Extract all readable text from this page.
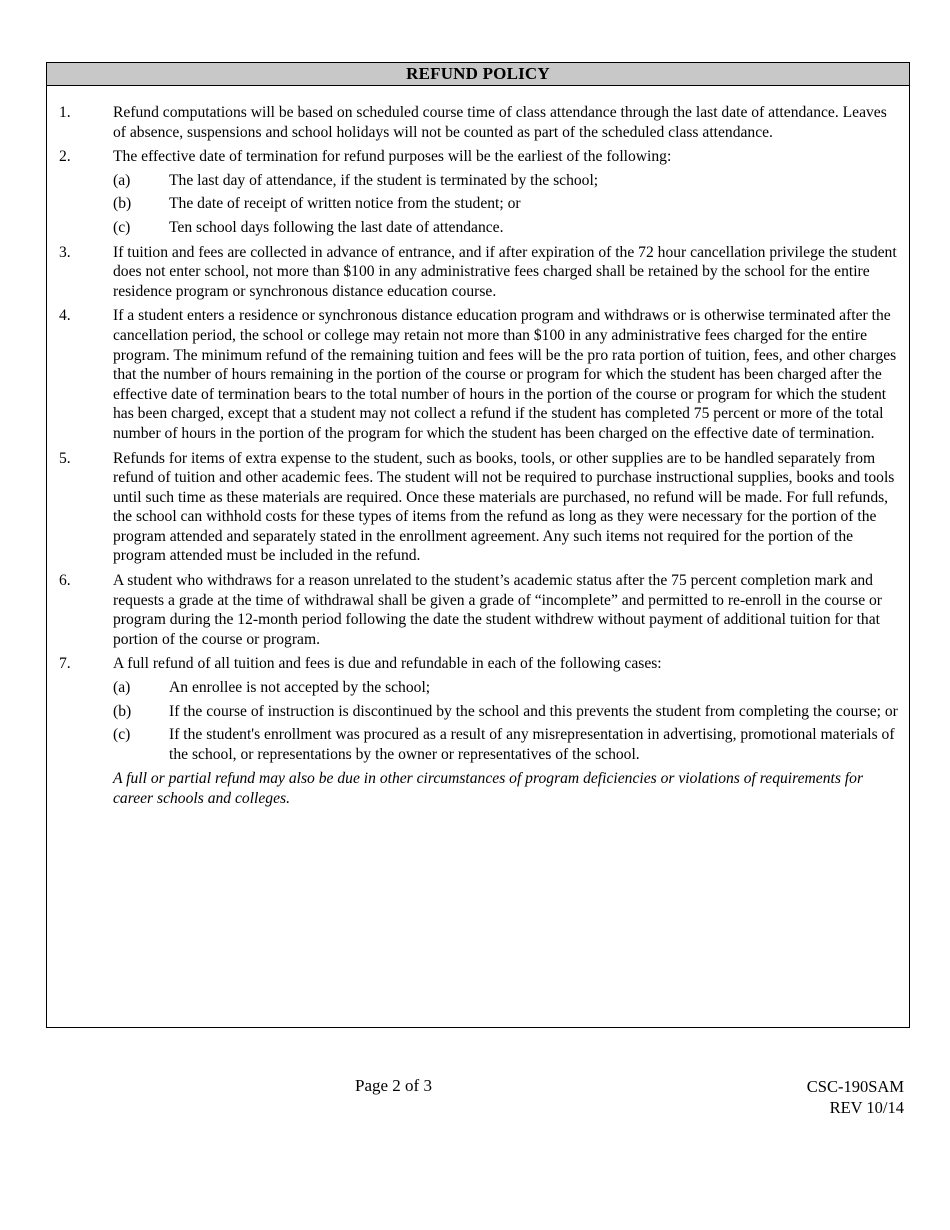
REFUND POLICY
1.	Refund computations will be based on scheduled course time of class attendance through the last date of attendance. Leaves of absence, suspensions and school holidays will not be counted as part of the scheduled class attendance.
2.	The effective date of termination for refund purposes will be the earliest of the following:
(a) The last day of attendance, if the student is terminated by the school;
(b) The date of receipt of written notice from the student; or
(c) Ten school days following the last date of attendance.
3.	If tuition and fees are collected in advance of entrance, and if after expiration of the 72 hour cancellation privilege the student does not enter school, not more than $100 in any administrative fees charged shall be retained by the school for the entire residence program or synchronous distance education course.
4.	If a student enters a residence or synchronous distance education program and withdraws or is otherwise terminated after the cancellation period, the school or college may retain not more than $100 in any administrative fees charged for the entire program. The minimum refund of the remaining tuition and fees will be the pro rata portion of tuition, fees, and other charges that the number of hours remaining in the portion of the course or program for which the student has been charged after the effective date of termination bears to the total number of hours in the portion of the course or program for which the student has been charged, except that a student may not collect a refund if the student has completed 75 percent or more of the total number of hours in the portion of the program for which the student has been charged on the effective date of termination.
5.	Refunds for items of extra expense to the student, such as books, tools, or other supplies are to be handled separately from refund of tuition and other academic fees. The student will not be required to purchase instructional supplies, books and tools until such time as these materials are required. Once these materials are purchased, no refund will be made. For full refunds, the school can withhold costs for these types of items from the refund as long as they were necessary for the portion of the program attended and separately stated in the enrollment agreement. Any such items not required for the portion of the program attended must be included in the refund.
6.	A student who withdraws for a reason unrelated to the student’s academic status after the 75 percent completion mark and requests a grade at the time of withdrawal shall be given a grade of “incomplete” and permitted to re-enroll in the course or program during the 12-month period following the date the student withdrew without payment of additional tuition for that portion of the course or program.
7.	A full refund of all tuition and fees is due and refundable in each of the following cases:
(a) An enrollee is not accepted by the school;
(b) If the course of instruction is discontinued by the school and this prevents the student from completing the course; or
(c) If the student's enrollment was procured as a result of any misrepresentation in advertising, promotional materials of the school, or representations by the owner or representatives of the school.
A full or partial refund may also be due in other circumstances of program deficiencies or violations of requirements for career schools and colleges.
Page 2 of 3	CSC-190SAM
REV 10/14
